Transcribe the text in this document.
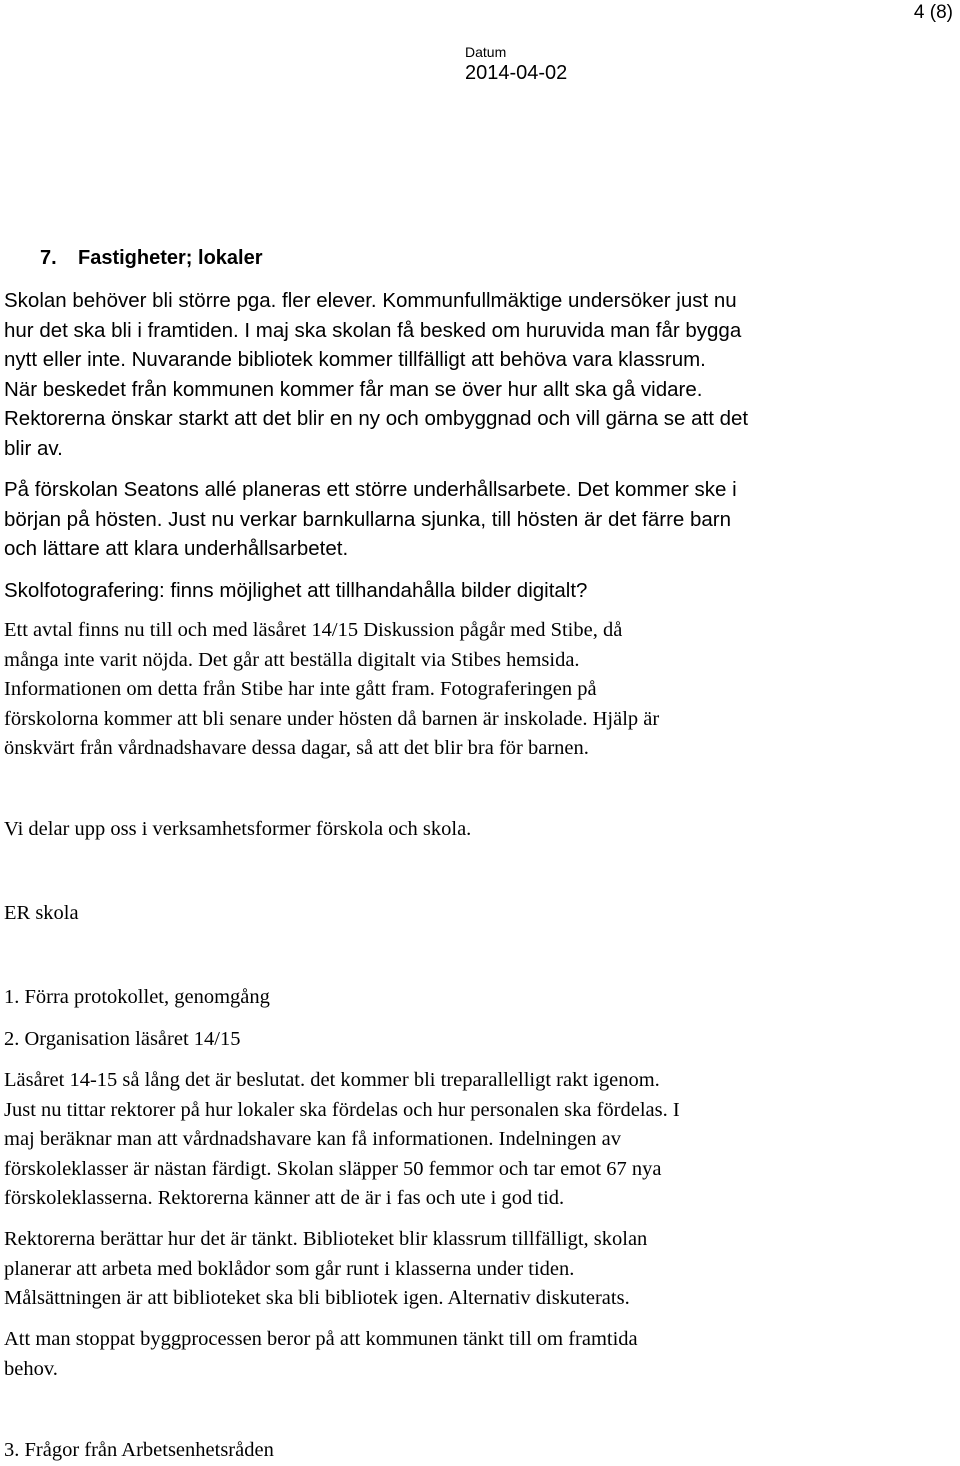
4 (8)
Datum
2014-04-02
7. Fastigheter; lokaler

Skolan behöver bli större pga. fler elever. Kommunfullmäktige undersöker just nu

hur det ska bli i framtiden. I maj ska skolan få besked om huruvida man får bygga

nytt eller inte. Nuvarande bibliotek kommer tillfälligt att behöva vara klassrum.

När beskedet från kommunen kommer får man se över hur allt ska gå vidare.

Rektorerna önskar starkt att det blir en ny och ombyggnad och vill gärna se att det

blir av.

På förskolan Seatons allé planeras ett större underhållsarbete. Det kommer ske i

början på hösten. Just nu verkar barnkullarna sjunka, till hösten är det färre barn

och lättare att klara underhållsarbetet.

Skolfotografering: finns möjlighet att tillhandahålla bilder digitalt?

Ett avtal finns nu till och med läsåret 14/15 Diskussion pågår med Stibe, då

många inte varit nöjda. Det går att beställa digitalt via Stibes hemsida.

Informationen om detta från Stibe har inte gått fram. Fotograferingen på

förskolorna kommer att bli senare under hösten då barnen är inskolade. Hjälp är

önskvärt från vårdnadshavare dessa dagar, så att det blir bra för barnen.

Vi delar upp oss i verksamhetsformer förskola och skola.
ER skola
1. Förra protokollet, genomgång
2. Organisation läsåret 14/15

Läsåret 14-15 så lång det är beslutat. det kommer bli treparallelligt rakt igenom.

Just nu tittar rektorer på hur lokaler ska fördelas och hur personalen ska fördelas. I

maj beräknar man att vårdnadshavare kan få informationen. Indelningen av

förskoleklasser är nästan färdigt. Skolan släpper 50 femmor och tar emot 67 nya

förskoleklasserna. Rektorerna känner att de är i fas och ute i god tid.

Rektorerna berättar hur det är tänkt. Biblioteket blir klassrum tillfälligt, skolan

planerar att arbeta med boklådor som går runt i klasserna under tiden.

Målsättningen är att biblioteket ska bli bibliotek igen. Alternativ diskuterats.

Att man stoppat byggprocessen beror på att kommunen tänkt till om framtida

behov.

3. Frågor från Arbetsenhetsråden
